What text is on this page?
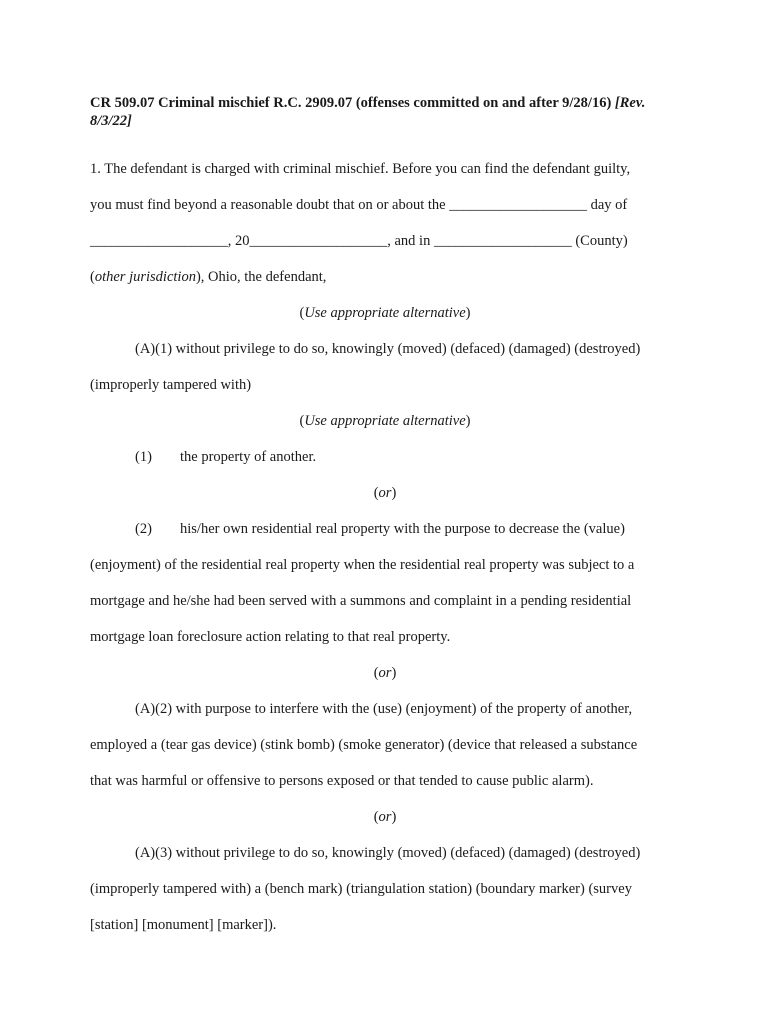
CR 509.07 Criminal mischief R.C. 2909.07 (offenses committed on and after 9/28/16) [Rev. 8/3/22]
1. The defendant is charged with criminal mischief. Before you can find the defendant guilty,
you must find beyond a reasonable doubt that on or about the ___________________ day of
___________________, 20___________________, and in ___________________ (County)
(other jurisdiction), Ohio, the defendant,
(Use appropriate alternative)
(A)(1) without privilege to do so, knowingly (moved) (defaced) (damaged) (destroyed)
(improperly tampered with)
(Use appropriate alternative)
(1) the property of another.
(or)
(2) his/her own residential real property with the purpose to decrease the (value)
(enjoyment) of the residential real property when the residential real property was subject to a
mortgage and he/she had been served with a summons and complaint in a pending residential
mortgage loan foreclosure action relating to that real property.
(or)
(A)(2) with purpose to interfere with the (use) (enjoyment) of the property of another,
employed a (tear gas device) (stink bomb) (smoke generator) (device that released a substance
that was harmful or offensive to persons exposed or that tended to cause public alarm).
(or)
(A)(3) without privilege to do so, knowingly (moved) (defaced) (damaged) (destroyed)
(improperly tampered with) a (bench mark) (triangulation station) (boundary marker) (survey
[station] [monument] [marker]).
